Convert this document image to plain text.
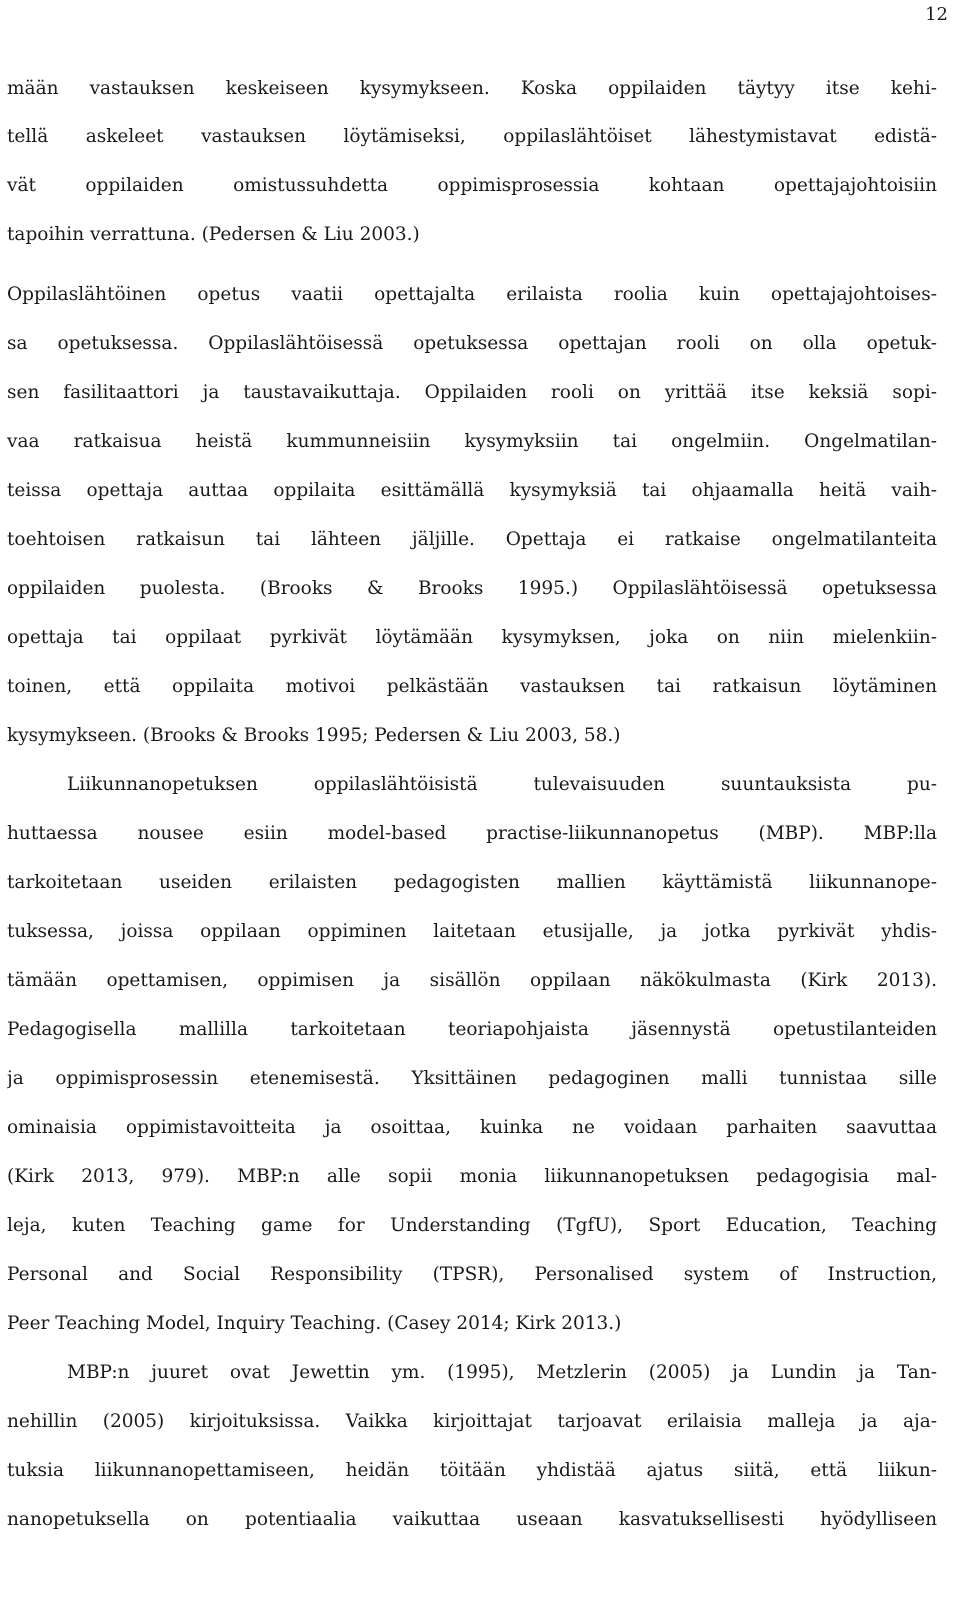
12
mään vastauksen keskeiseen kysymykseen. Koska oppilaiden täytyy itse kehi-
tellä askeleet vastauksen löytämiseksi, oppilaslähtöiset lähestymistavat edistä-
vät oppilaiden omistussuhdetta oppimisprosessia kohtaan opettajajohtoisiin
tapoihin verrattuna. (Pedersen & Liu 2003.)
Oppilaslähtöinen opetus vaatii opettajalta erilaista roolia kuin opettajajohtoises-
sa opetuksessa. Oppilaslähtöisessä opetuksessa opettajan rooli on olla opetuk-
sen fasilitaattori ja taustavaikuttaja. Oppilaiden rooli on yrittää itse keksiä sopi-
vaa ratkaisua heistä kummunneisiin kysymyksiin tai ongelmiin. Ongelmatilan-
teissa opettaja auttaa oppilaita esittämällä kysymyksiä tai ohjaamalla heitä vaih-
toehtoisen ratkaisun tai lähteen jäljille. Opettaja ei ratkaise ongelmatilanteita
oppilaiden puolesta. (Brooks & Brooks 1995.) Oppilaslähtöisessä opetuksessa
opettaja tai oppilaat pyrkivät löytämään kysymyksen, joka on niin mielenkiin-
toinen, että oppilaita motivoi pelkästään vastauksen tai ratkaisun löytäminen
kysymykseen. (Brooks & Brooks 1995; Pedersen & Liu 2003, 58.)
Liikunnanopetuksen oppilaslähtöisistä tulevaisuuden suuntauksista pu-
huttaessa nousee esiin model-based practise-liikunnanopetus (MBP). MBP:lla
tarkoitetaan useiden erilaisten pedagogisten mallien käyttämistä liikunnanope-
tuksessa, joissa oppilaan oppiminen laitetaan etusijalle, ja jotka pyrkivät yhdis-
tämään opettamisen, oppimisen ja sisällön oppilaan näkökulmasta (Kirk 2013).
Pedagogisella mallilla tarkoitetaan teoriapohjaista jäsennystä opetustilanteiden
ja oppimisprosessin etenemisestä. Yksittäinen pedagoginen malli tunnistaa sille
ominaisia oppimistavoitteita ja osoittaa, kuinka ne voidaan parhaiten saavuttaa
(Kirk 2013, 979). MBP:n alle sopii monia liikunnanopetuksen pedagogisia mal-
leja, kuten Teaching game for Understanding (TgfU), Sport Education, Teaching
Personal and Social Responsibility (TPSR), Personalised system of Instruction,
Peer Teaching Model, Inquiry Teaching. (Casey 2014; Kirk 2013.)
MBP:n juuret ovat Jewettin ym. (1995), Metzlerin (2005) ja Lundin ja Tan-
nehillin (2005) kirjoituksissa. Vaikka kirjoittajat tarjoavat erilaisia malleja ja aja-
tuksia liikunnanopettamiseen, heidän töitään yhdistää ajatus siitä, että liikun-
nanopetuksella on potentiaalia vaikuttaa useaan kasvatuksellisesti hyödylliseen
